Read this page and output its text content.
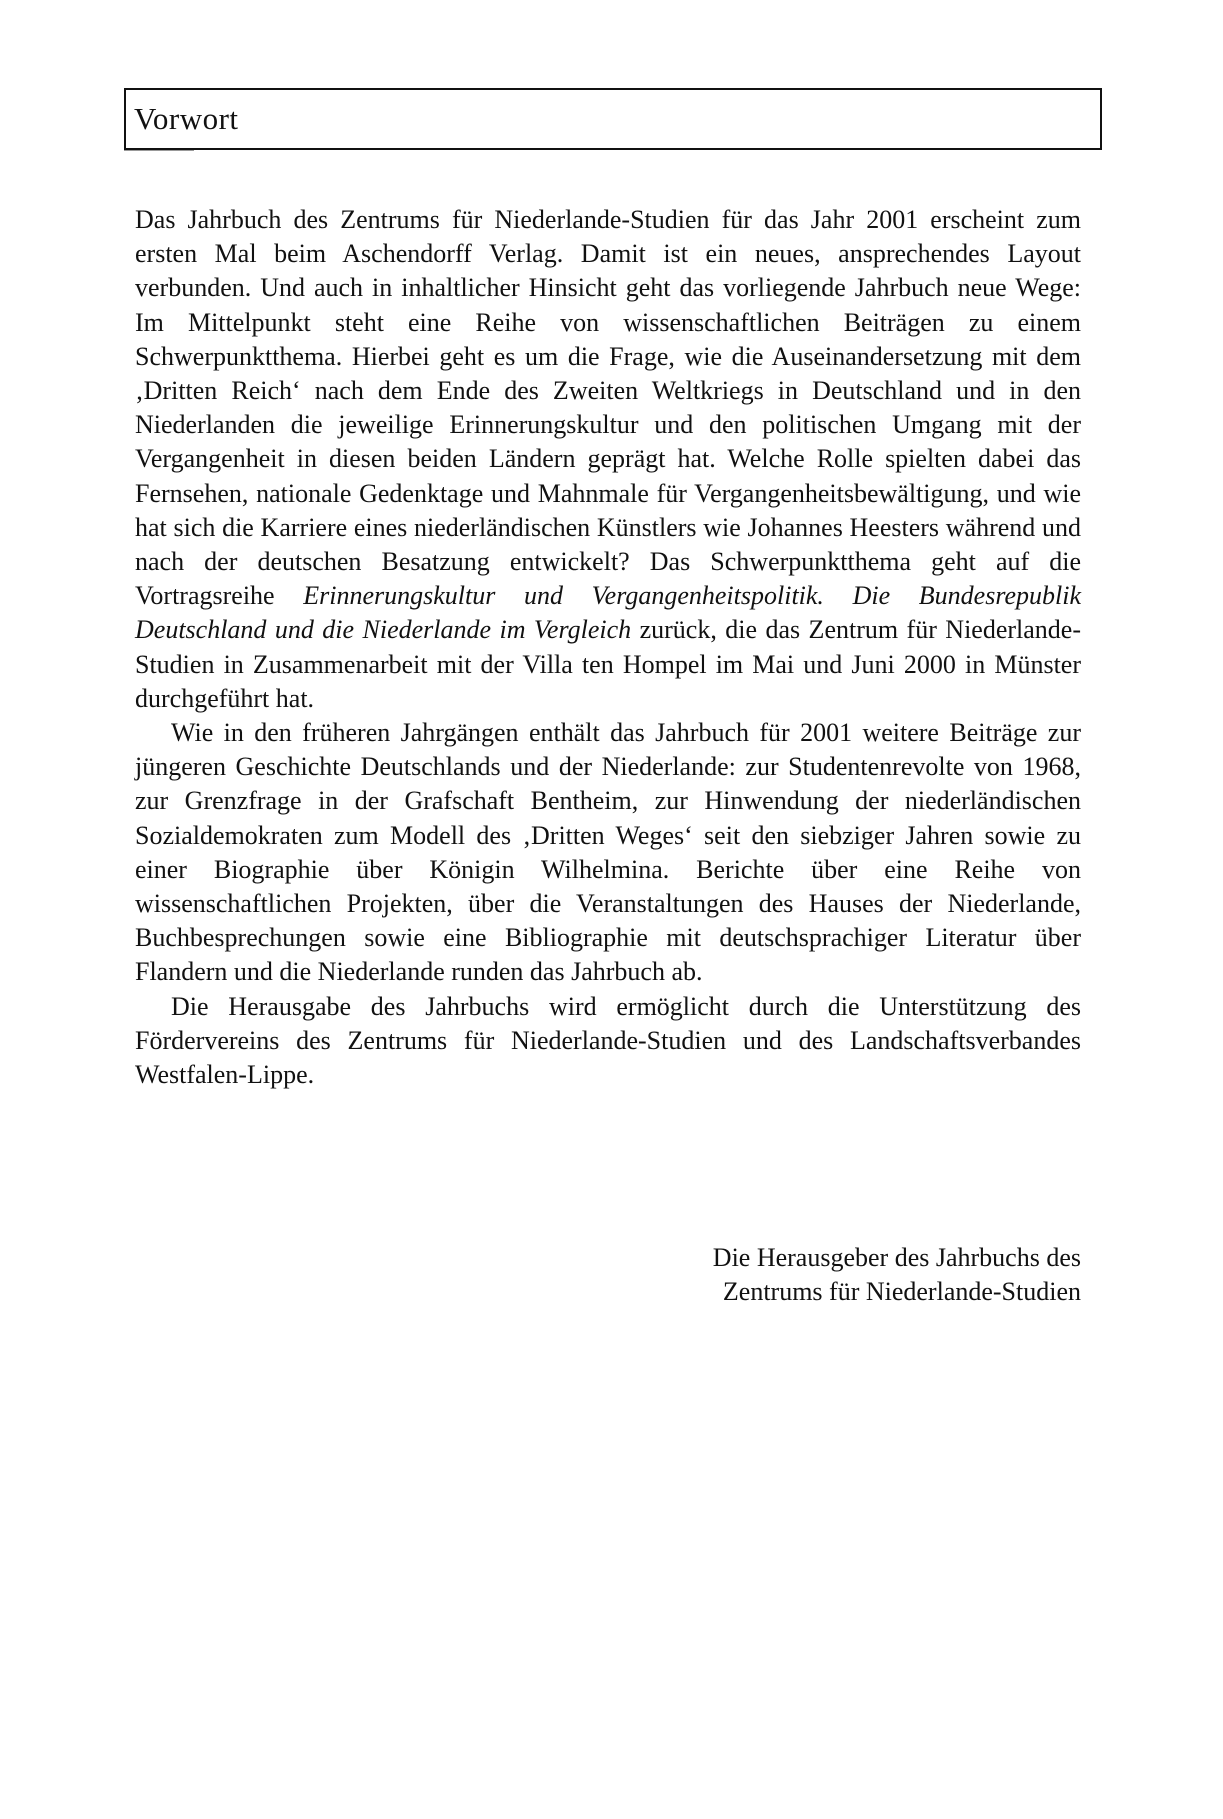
Vorwort

Das Jahrbuch des Zentrums für Niederlande-Studien für das Jahr 2001 erscheint zum ersten Mal beim Aschendorff Verlag. Damit ist ein neues, ansprechendes Layout verbunden. Und auch in inhaltlicher Hinsicht geht das vorliegende Jahrbuch neue Wege: Im Mittelpunkt steht eine Reihe von wissenschaftlichen Beiträgen zu einem Schwerpunktthema. Hierbei geht es um die Frage, wie die Auseinandersetzung mit dem ‚Dritten Reich‘ nach dem Ende des Zweiten Weltkriegs in Deutschland und in den Niederlanden die jeweilige Erinnerungskultur und den politischen Umgang mit der Vergangenheit in diesen beiden Ländern geprägt hat. Welche Rolle spielten dabei das Fernsehen, nationale Gedenktage und Mahnmale für Vergangenheitsbewältigung, und wie hat sich die Karriere eines niederländischen Künstlers wie Johannes Heesters während und nach der deutschen Besatzung entwickelt? Das Schwerpunktthema geht auf die Vortragsreihe Erinnerungskultur und Vergangenheitspolitik. Die Bundesrepublik Deutschland und die Niederlande im Vergleich zurück, die das Zentrum für Niederlande-Studien in Zusammenarbeit mit der Villa ten Hompel im Mai und Juni 2000 in Münster durchgeführt hat.

Wie in den früheren Jahrgängen enthält das Jahrbuch für 2001 weitere Beiträge zur jüngeren Geschichte Deutschlands und der Niederlande: zur Studentenrevolte von 1968, zur Grenzfrage in der Grafschaft Bentheim, zur Hinwendung der niederländischen Sozialdemokraten zum Modell des ‚Dritten Weges‘ seit den siebziger Jahren sowie zu einer Biographie über Königin Wilhelmina. Berichte über eine Reihe von wissenschaftlichen Projekten, über die Veranstaltungen des Hauses der Niederlande, Buchbesprechungen sowie eine Bibliographie mit deutschsprachiger Literatur über Flandern und die Niederlande runden das Jahrbuch ab.

Die Herausgabe des Jahrbuchs wird ermöglicht durch die Unterstützung des Fördervereins des Zentrums für Niederlande-Studien und des Landschaftsverbandes Westfalen-Lippe.

Die Herausgeber des Jahrbuchs des
Zentrums für Niederlande-Studien
